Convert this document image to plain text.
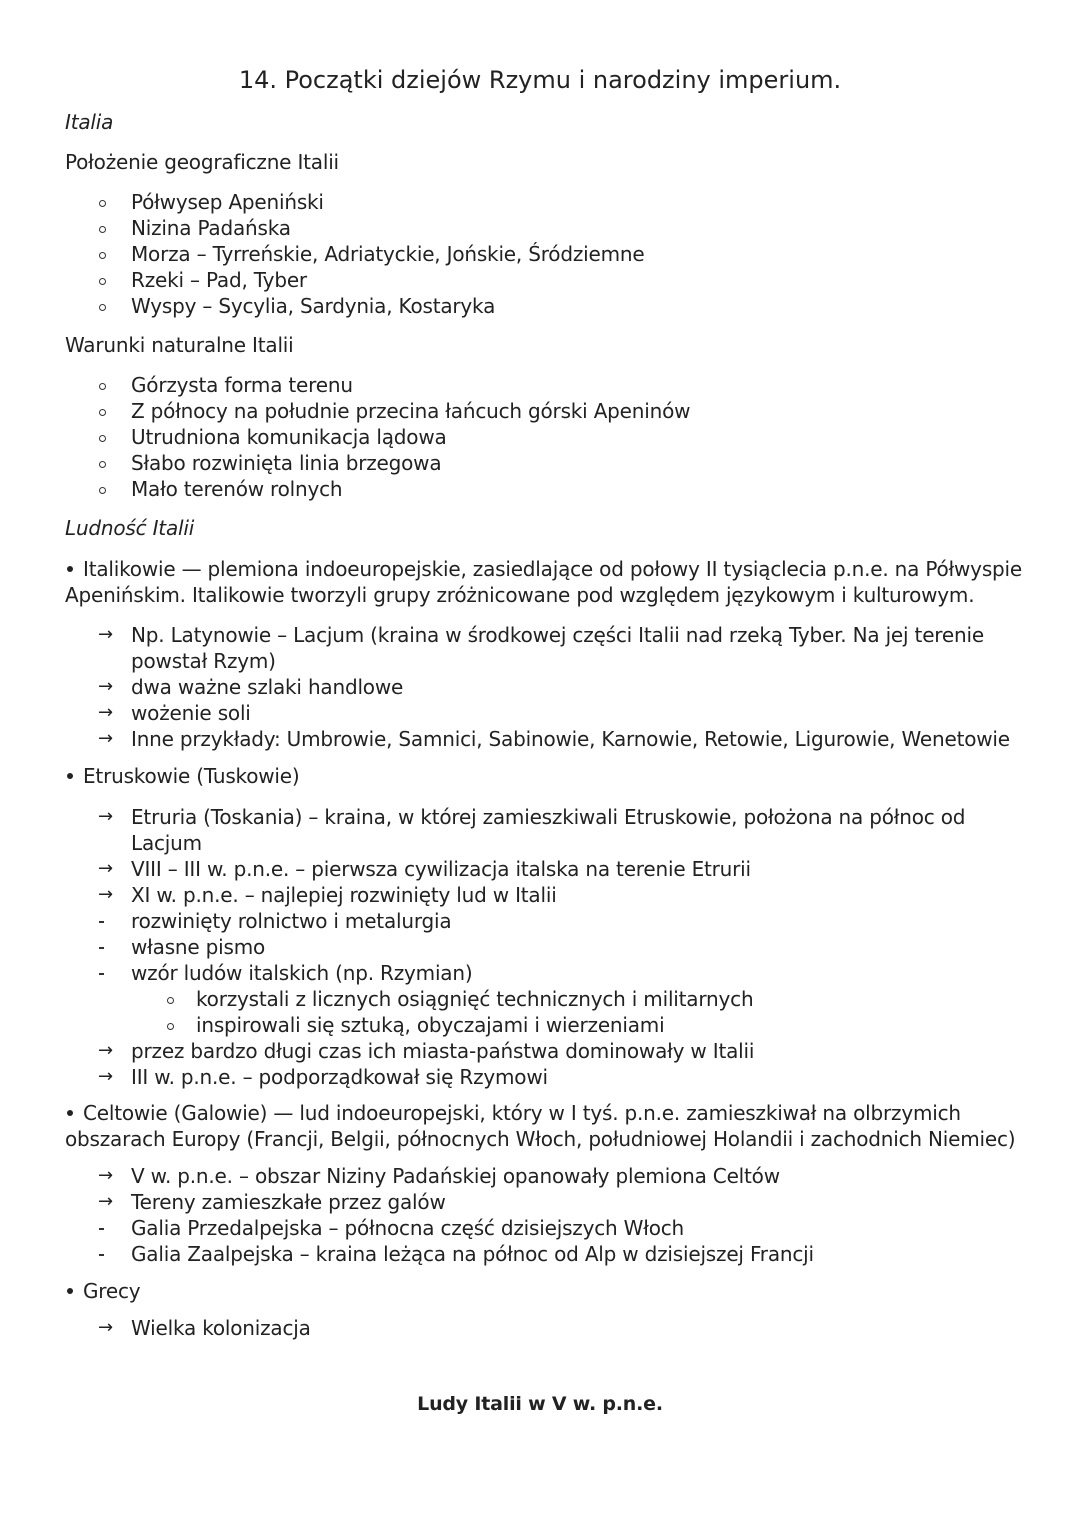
14. Początki dziejów Rzymu i narodziny imperium.
Italia
Położenie geograficzne Italii
Półwysep Apeniński
Nizina Padańska
Morza – Tyrreńskie, Adriatyckie, Jońskie, Śródziemne
Rzeki – Pad, Tyber
Wyspy – Sycylia, Sardynia, Kostaryka
Warunki naturalne Italii
Górzysta forma terenu
Z północy na południe przecina łańcuch górski Apeninów
Utrudniona komunikacja lądowa
Słabo rozwinięta linia brzegowa
Mało terenów rolnych
Ludność Italii
Italikowie — plemiona indoeuropejskie, zasiedlające od połowy II tysiąclecia p.n.e. na Półwyspie
Apenińskim. Italikowie tworzyli grupy zróżnicowane pod względem językowym i kulturowym.
→ Np. Latynowie – Lacjum (kraina w środkowej części Italii nad rzeką Tyber. Na jej terenie
powstał Rzym)
→ dwa ważne szlaki handlowe
→ wożenie soli
→ Inne przykłady: Umbrowie, Samnici, Sabinowie, Karnowie, Retowie, Ligurowie, Wenetowie
Etruskowie (Tuskowie)
→ Etruria (Toskania) – kraina, w której zamieszkiwali Etruskowie, położona na północ od
Lacjum
→ VIII – III w. p.n.e. – pierwsza cywilizacja italska na terenie Etrurii
→ XI w. p.n.e. – najlepiej rozwinięty lud w Italii
rozwinięty rolnictwo i metalurgia
własne pismo
wzór ludów italskich (np. Rzymian)
korzystali z licznych osiągnięć technicznych i militarnych
inspirowali się sztuką, obyczajami i wierzeniami
→ przez bardzo długi czas ich miasta-państwa dominowały w Italii
→ III w. p.n.e. – podporządkował się Rzymowi
Celtowie (Galowie) — lud indoeuropejski, który w I tyś. p.n.e. zamieszkiwał na olbrzymich
obszarach Europy (Francji, Belgii, północnych Włoch, południowej Holandii i zachodnich Niemiec)
→ V w. p.n.e. – obszar Niziny Padańskiej opanowały plemiona Celtów
→ Tereny zamieszkałe przez galów
Galia Przedalpejska – północna część dzisiejszych Włoch
Galia Zaalpejska – kraina leżąca na północ od Alp w dzisiejszej Francji
Grecy
→ Wielka kolonizacja
Ludy Italii w V w. p.n.e.
